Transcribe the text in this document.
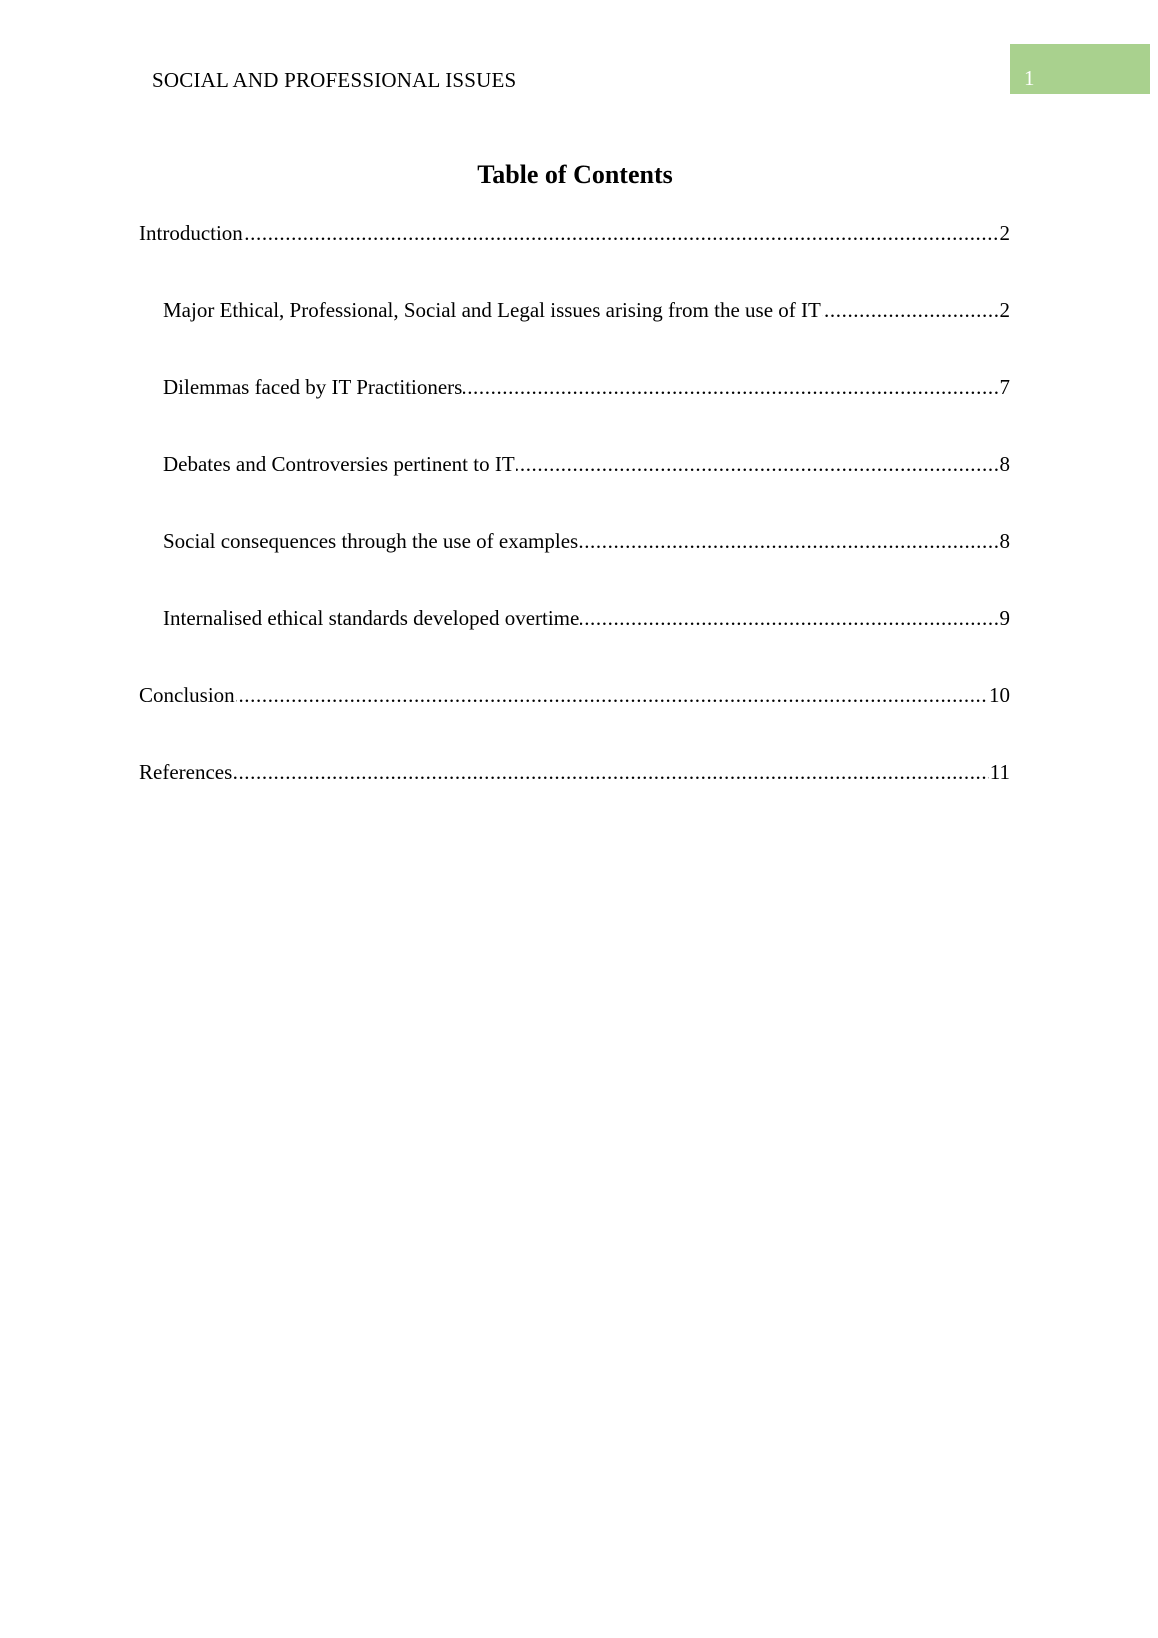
SOCIAL AND PROFESSIONAL ISSUES	1
Table of Contents
Introduction	2
.....
Major Ethical, Professional, Social and Legal issues arising from the use of IT	2
.....
Dilemmas faced by IT Practitioners	7
.....
Debates and Controversies pertinent to IT	8
.....
Social consequences through the use of examples	8
.....
Internalised ethical standards developed overtime	9
.....
Conclusion	10
.....
References	11
.....
